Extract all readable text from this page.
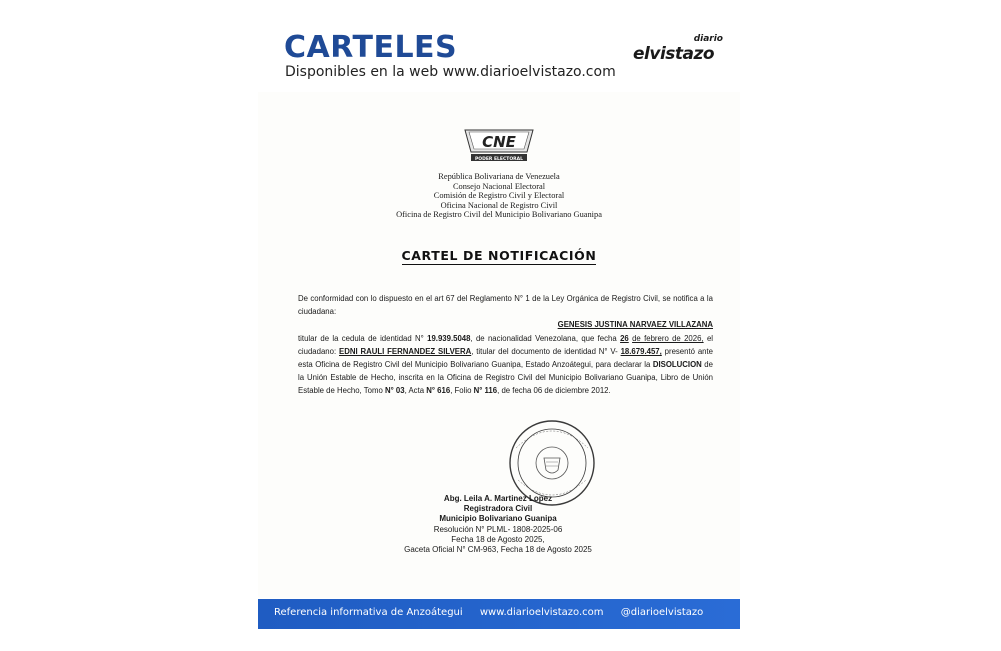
CARTELES
Disponibles en la web www.diarioelvistazo.com
diario
elvistazo
CNE
PODER ELECTORAL
República Bolivariana de Venezuela
Consejo Nacional Electoral
Comisión de Registro Civil y Electoral
Oficina Nacional de Registro Civil
Oficina de Registro Civil del Municipio Bolivariano Guanipa
CARTEL DE NOTIFICACIÓN
De conformidad con lo dispuesto en el art 67 del Reglamento N° 1 de la Ley Orgánica de Registro Civil, se notifica a la ciudadana:
GENESIS JUSTINA NARVAEZ VILLAZANA
titular de la cedula de identidad N° 19.939.5048, de nacionalidad Venezolana, que fecha 26 de febrero de 2026, el ciudadano: EDNI RAULI FERNANDEZ SILVERA, titular del documento de identidad N° V- 18.679.457, presentó ante esta Oficina de Registro Civil del Municipio Bolivariano Guanipa, Estado Anzoátegui, para declarar la DISOLUCION de la Unión Estable de Hecho, inscrita en la Oficina de Registro Civil del Municipio Bolivariano Guanipa, Libro de Unión Estable de Hecho, Tomo N° 03, Acta N° 616, Folio N° 116, de fecha 06 de diciembre 2012.
Abg. Leila A. Martinez Lopez
Registradora Civil
Municipio Bolivariano Guanipa
Resolución N° PLML- 1808-2025-06
Fecha 18 de Agosto 2025,
Gaceta Oficial N° CM-963, Fecha 18 de Agosto 2025
Referencia informativa de Anzoátegui www.diarioelvistazo.com @diarioelvistazo
